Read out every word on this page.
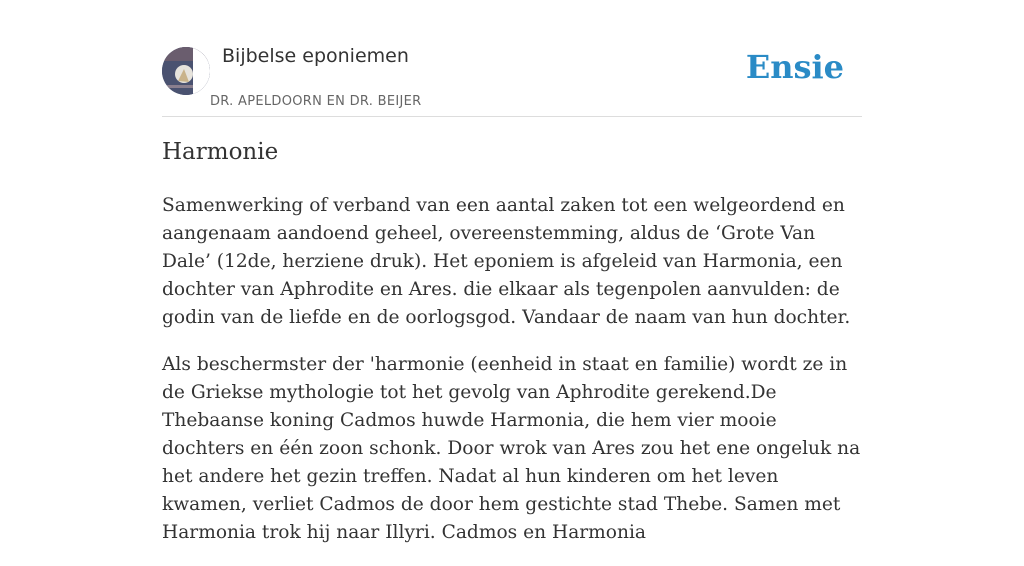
Bijbelse eponiemen
DR. APELDOORN EN DR. BEIJER
Ensie
Harmonie

Samenwerking of verband van een aantal zaken tot een welgeordend en aangenaam aandoend geheel, overeenstemming, aldus de ‘Grote Van Dale’ (12de, herziene druk). Het eponiem is afgeleid van Harmonia, een dochter van Aphrodite en Ares. die elkaar als tegenpolen aanvulden: de godin van de liefde en de oorlogsgod. Vandaar de naam van hun dochter.

Als beschermster der 'harmonie (eenheid in staat en familie) wordt ze in de Griekse mythologie tot het gevolg van Aphrodite gerekend.De Thebaanse koning Cadmos huwde Harmonia, die hem vier mooie dochters en één zoon schonk. Door wrok van Ares zou het ene ongeluk na het andere het gezin treffen. Nadat al hun kinderen om het leven kwamen, verliet Cadmos de door hem gestichte stad Thebe. Samen met Harmonia trok hij naar Illyri. Cadmos en Harmonia
